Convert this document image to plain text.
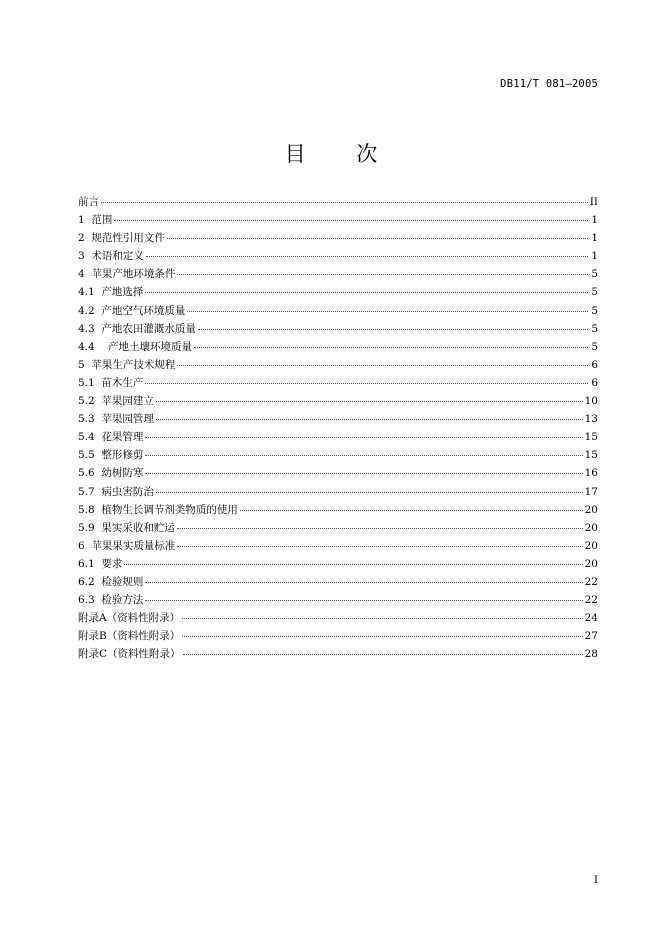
DB11/T 081—2005
目 次
前言	II
1  范围	1
2  规范性引用文件	1
3  术语和定义	1
4  苹果产地环境条件	5
4.1  产地选择	5
4.2  产地空气环境质量	5
4.3  产地农田灌溉水质量	5
4.4    产地土壤环境质量	5
5  苹果生产技术规程	6
5.1  苗木生产	6
5.2  苹果园建立	10
5.3  苹果园管理	13
5.4  花果管理	15
5.5  整形修剪	15
5.6  幼树防寒	16
5.7  病虫害防治	17
5.8  植物生长调节剂类物质的使用	20
5.9  果实采收和贮运	20
6  苹果果实质量标准	20
6.1  要求	20
6.2  检验规则	22
6.3  检验方法	22
附录A（资料性附录）	24
附录B（资料性附录）	27
附录C（资料性附录）	28
I
